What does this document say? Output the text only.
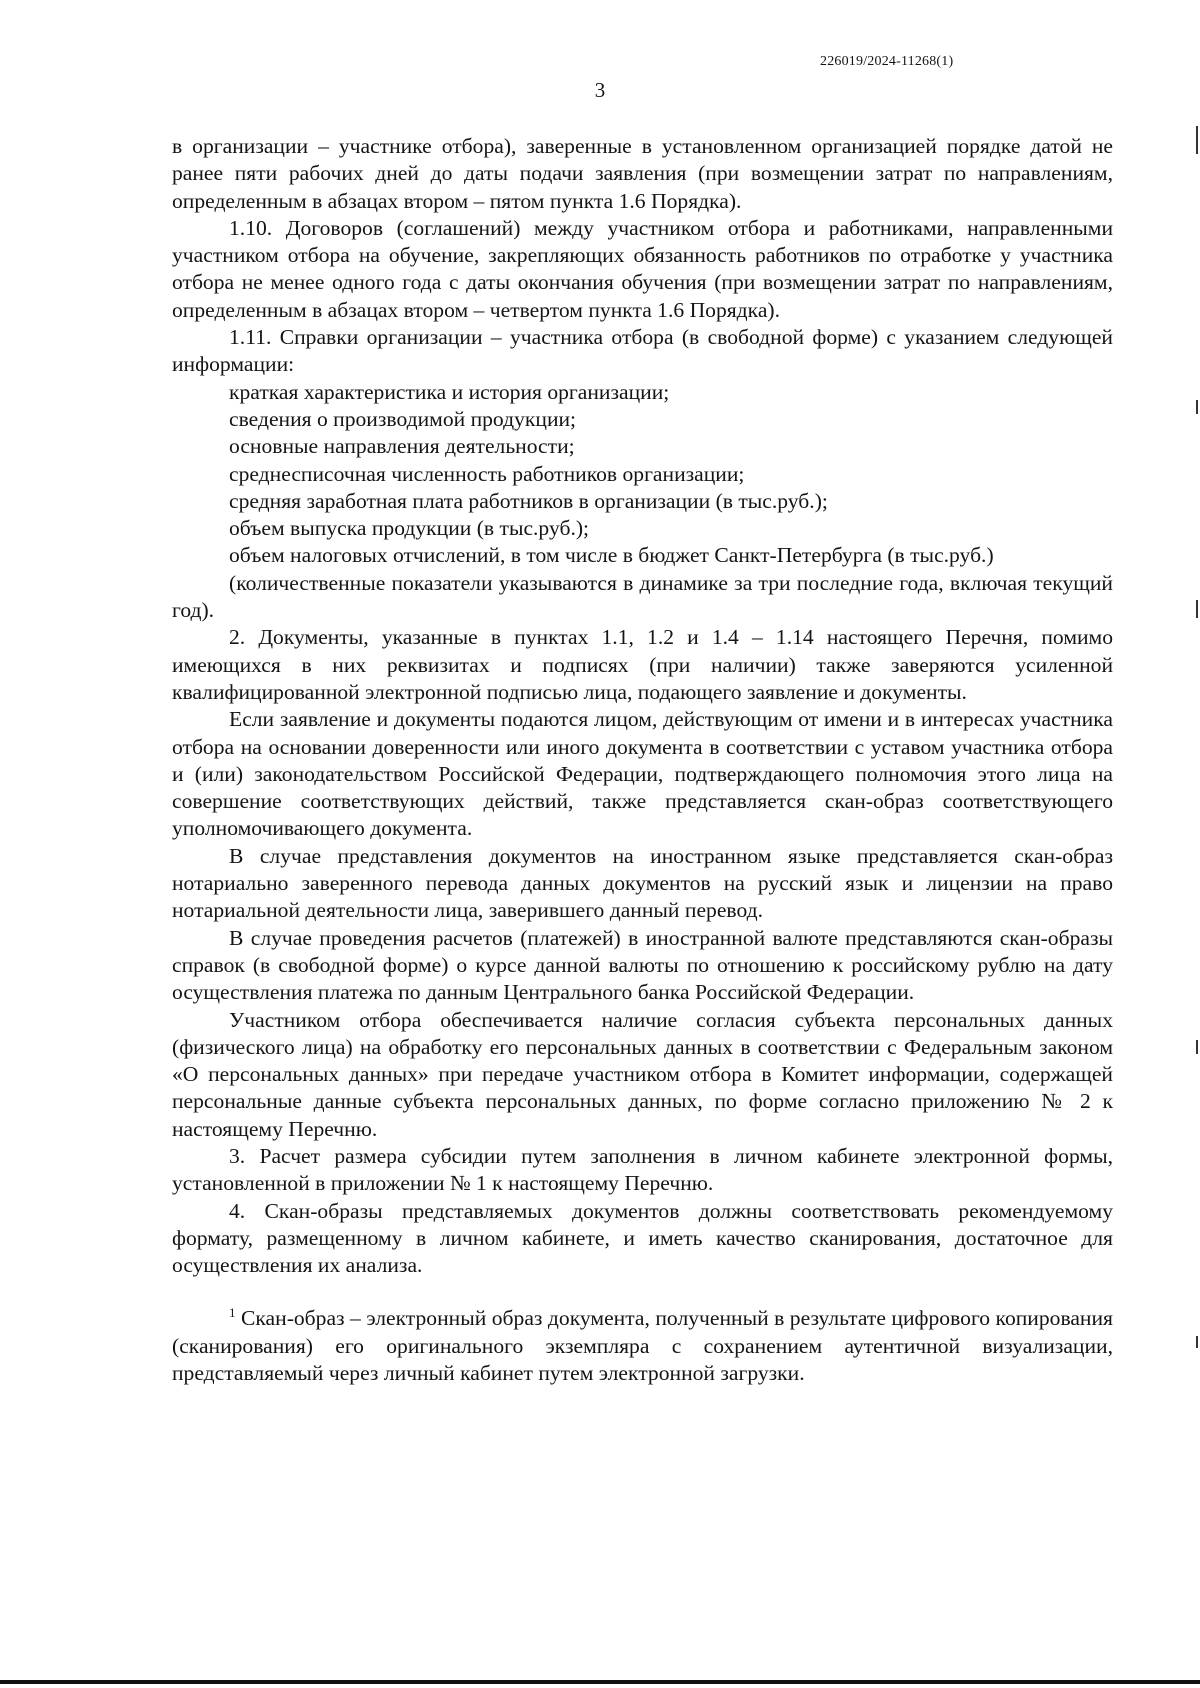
226019/2024-11268(1)
3

в организации – участнике отбора), заверенные в установленном организацией порядке датой не ранее пяти рабочих дней до даты подачи заявления (при возмещении затрат по направлениям, определенным в абзацах втором – пятом пункта 1.6 Порядка).

1.10. Договоров (соглашений) между участником отбора и работниками, направленными участником отбора на обучение, закрепляющих обязанность работников по отработке у участника отбора не менее одного года с даты окончания обучения (при возмещении затрат по направлениям, определенным в абзацах втором – четвертом пункта 1.6 Порядка).

1.11. Справки организации – участника отбора (в свободной форме) с указанием следующей информации:

краткая характеристика и история организации;

сведения о производимой продукции;

основные направления деятельности;

среднесписочная численность работников организации;

средняя заработная плата работников в организации (в тыс.руб.);

объем выпуска продукции (в тыс.руб.);

объем налоговых отчислений, в том числе в бюджет Санкт-Петербурга (в тыс.руб.)

(количественные показатели указываются в динамике за три последние года, включая текущий год).

2. Документы, указанные в пунктах 1.1, 1.2 и 1.4 – 1.14 настоящего Перечня, помимо имеющихся в них реквизитах и подписях (при наличии) также заверяются усиленной квалифицированной электронной подписью лица, подающего заявление и документы.

Если заявление и документы подаются лицом, действующим от имени и в интересах участника отбора на основании доверенности или иного документа в соответствии с уставом участника отбора и (или) законодательством Российской Федерации, подтверждающего полномочия этого лица на совершение соответствующих действий, также представляется скан-образ соответствующего уполномочивающего документа.

В случае представления документов на иностранном языке представляется скан-образ нотариально заверенного перевода данных документов на русский язык и лицензии на право нотариальной деятельности лица, заверившего данный перевод.

В случае проведения расчетов (платежей) в иностранной валюте представляются скан-образы справок (в свободной форме) о курсе данной валюты по отношению к российскому рублю на дату осуществления платежа по данным Центрального банка Российской Федерации.

Участником отбора обеспечивается наличие согласия субъекта персональных данных (физического лица) на обработку его персональных данных в соответствии с Федеральным законом «О персональных данных» при передаче участником отбора в Комитет информации, содержащей персональные данные субъекта персональных данных, по форме согласно приложению № 2 к настоящему Перечню.

3. Расчет размера субсидии путем заполнения в личном кабинете электронной формы, установленной в приложении № 1 к настоящему Перечню.

4. Скан-образы представляемых документов должны соответствовать рекомендуемому формату, размещенному в личном кабинете, и иметь качество сканирования, достаточное для осуществления их анализа.

$^1$ Скан-образ – электронный образ документа, полученный в результате цифрового копирования (сканирования) его оригинального экземпляра с сохранением аутентичной визуализации, представляемый через личный кабинет путем электронной загрузки.
